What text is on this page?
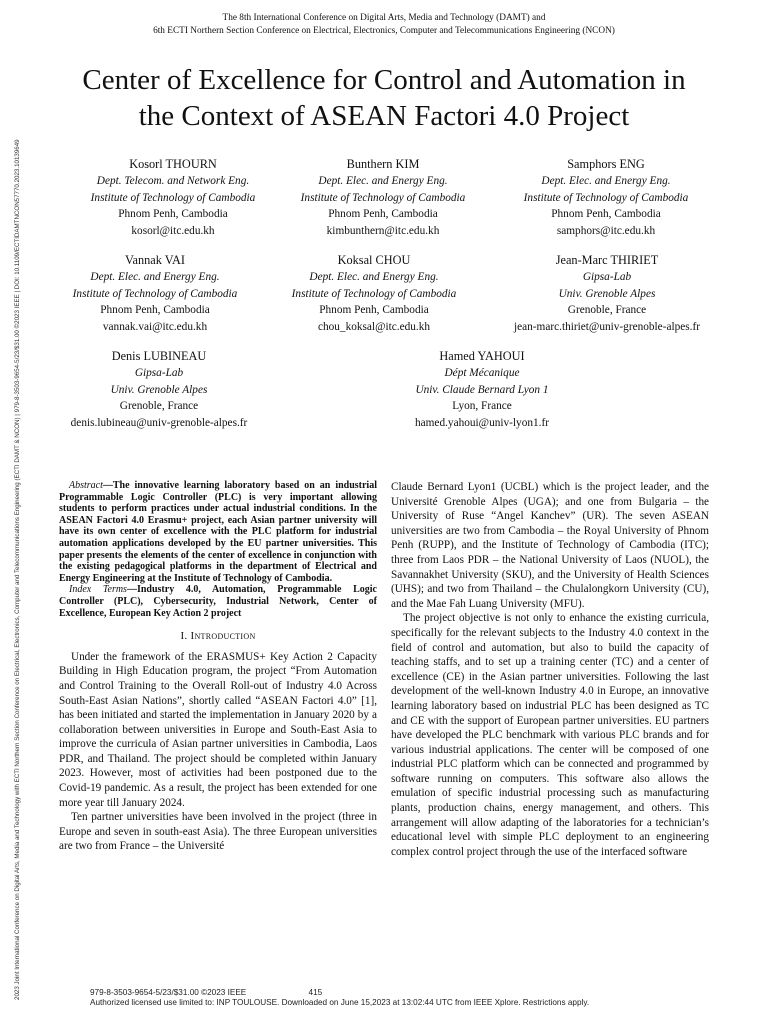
2023 Joint International Conference on Digital Arts, Media and Technology with ECTI Northern Section Conference on Electrical, Electronics, Computer and Telecommunications Engineering (ECTI DAMT & NCON) | 979-8-3503-9654-5/23/$31.00 ©2023 IEEE | DOI: 10.1109/ECTIDAMTNCON57770.2023.10139649
The 8th International Conference on Digital Arts, Media and Technology (DAMT) and
6th ECTI Northern Section Conference on Electrical, Electronics, Computer and Telecommunications Engineering (NCON)
Center of Excellence for Control and Automation in
the Context of ASEAN Factori 4.0 Project
Kosorl THOURN
Dept. Telecom. and Network Eng.
Institute of Technology of Cambodia
Phnom Penh, Cambodia
kosorl@itc.edu.kh
Bunthern KIM
Dept. Elec. and Energy Eng.
Institute of Technology of Cambodia
Phnom Penh, Cambodia
kimbunthern@itc.edu.kh
Samphors ENG
Dept. Elec. and Energy Eng.
Institute of Technology of Cambodia
Phnom Penh, Cambodia
samphors@itc.edu.kh
Vannak VAI
Dept. Elec. and Energy Eng.
Institute of Technology of Cambodia
Phnom Penh, Cambodia
vannak.vai@itc.edu.kh
Koksal CHOU
Dept. Elec. and Energy Eng.
Institute of Technology of Cambodia
Phnom Penh, Cambodia
chou_koksal@itc.edu.kh
Jean-Marc THIRIET
Gipsa-Lab
Univ. Grenoble Alpes
Grenoble, France
jean-marc.thiriet@univ-grenoble-alpes.fr
Denis LUBINEAU
Gipsa-Lab
Univ. Grenoble Alpes
Grenoble, France
denis.lubineau@univ-grenoble-alpes.fr
Hamed YAHOUI
Dépt Mécanique
Univ. Claude Bernard Lyon 1
Lyon, France
hamed.yahoui@univ-lyon1.fr

Abstract—The innovative learning laboratory based on an industrial Programmable Logic Controller (PLC) is very important allowing students to perform practices under actual industrial conditions. In the ASEAN Factori 4.0 Erasmu+ project, each Asian partner university will have its own center of excellence with the PLC platform for industrial automation applications developed by the EU partner universities. This paper presents the elements of the center of excellence in conjunction with the existing pedagogical platforms in the department of Electrical and Energy Engineering at the Institute of Technology of Cambodia.

Index Terms—Industry 4.0, Automation, Programmable Logic Controller (PLC), Cybersecurity, Industrial Network, Center of Excellence, European Key Action 2 project

I. Introduction

Under the framework of the ERASMUS+ Key Action 2 Capacity Building in High Education program, the project “From Automation and Control Training to the Overall Roll-out of Industry 4.0 Across South-East Asian Nations”, shortly called “ASEAN Factori 4.0” [1], has been initiated and started the implementation in January 2020 by a collaboration between universities in Europe and South-East Asia to improve the curricula of Asian partner universities in Cambodia, Laos PDR, and Thailand. The project should be completed within January 2023. However, most of activities had been postponed due to the Covid-19 pandemic. As a result, the project has been extended for one more year till January 2024.

Ten partner universities have been involved in the project (three in Europe and seven in south-east Asia). The three European universities are two from France – the Université

Claude Bernard Lyon1 (UCBL) which is the project leader, and the Université Grenoble Alpes (UGA); and one from Bulgaria – the University of Ruse “Angel Kanchev” (UR). The seven ASEAN universities are two from Cambodia – the Royal University of Phnom Penh (RUPP), and the Institute of Technology of Cambodia (ITC); three from Laos PDR – the National University of Laos (NUOL), the Savannakhet University (SKU), and the University of Health Sciences (UHS); and two from Thailand – the Chulalongkorn University (CU), and the Mae Fah Luang University (MFU).

The project objective is not only to enhance the existing curricula, specifically for the relevant subjects to the Industry 4.0 context in the field of control and automation, but also to build the capacity of teaching staffs, and to set up a training center (TC) and a center of excellence (CE) in the Asian partner universities. Following the last development of the well-known Industry 4.0 in Europe, an innovative learning laboratory based on industrial PLC has been designed as TC and CE with the support of European partner universities. EU partners have developed the PLC benchmark with various PLC brands and for various industrial applications. The center will be composed of one industrial PLC platform which can be connected and programmed by software running on computers. This software also allows the emulation of specific industrial processing such as manufacturing plants, production chains, energy management, and others. This arrangement will allow adapting of the laboratories for a technician’s educational level with simple PLC deployment to an engineering complex control project through the use of the interfaced software

979-8-3503-9654-5/23/$31.00 ©2023 IEEE	415
Authorized licensed use limited to: INP TOULOUSE. Downloaded on June 15,2023 at 13:02:44 UTC from IEEE Xplore. Restrictions apply.
